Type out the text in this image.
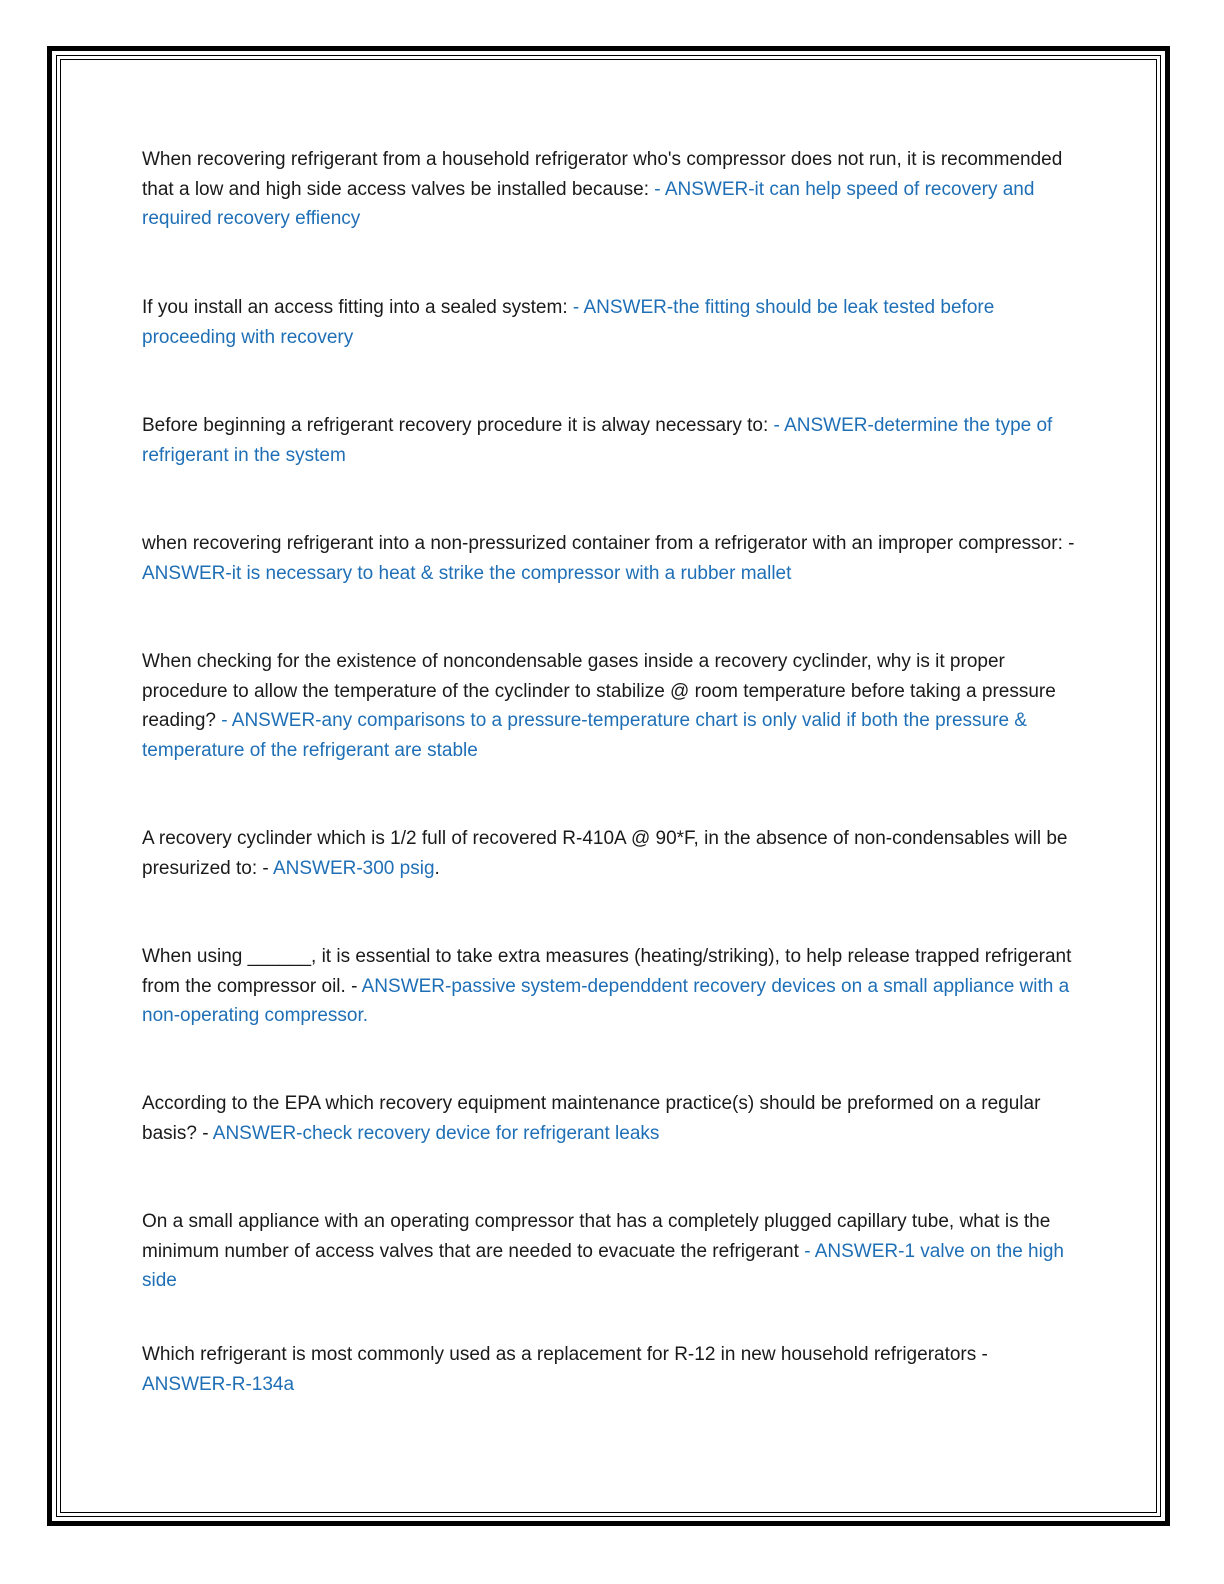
When recovering refrigerant from a household refrigerator who's compressor does not run, it is recommended that a low and high side access valves be installed because: - ANSWER-it can help speed of recovery and required recovery effiency
If you install an access fitting into a sealed system: - ANSWER-the fitting should be leak tested before proceeding with recovery
Before beginning a refrigerant recovery procedure it is alway necessary to: - ANSWER-determine the type of refrigerant in the system
when recovering refrigerant into a non-pressurized container from a refrigerator with an improper compressor: - ANSWER-it is necessary to heat & strike the compressor with a rubber mallet
When checking for the existence of noncondensable gases inside a recovery cyclinder, why is it proper procedure to allow the temperature of the cyclinder to stabilize @ room temperature before taking a pressure reading? - ANSWER-any comparisons to a pressure-temperature chart is only valid if both the pressure & temperature of the refrigerant are stable
A recovery cyclinder which is 1/2 full of recovered R-410A @ 90*F, in the absence of non-condensables will be presurized to: - ANSWER-300 psig.
When using ______, it is essential to take extra measures (heating/striking), to help release trapped refrigerant from the compressor oil. - ANSWER-passive system-dependdent recovery devices on a small appliance with a non-operating compressor.
According to the EPA which recovery equipment maintenance practice(s) should be preformed on a regular basis? - ANSWER-check recovery device for refrigerant leaks
On a small appliance with an operating compressor that has a completely plugged capillary tube, what is the minimum number of access valves that are needed to evacuate the refrigerant - ANSWER-1 valve on the high side
Which refrigerant is most commonly used as a replacement for R-12 in new household refrigerators - ANSWER-R-134a
